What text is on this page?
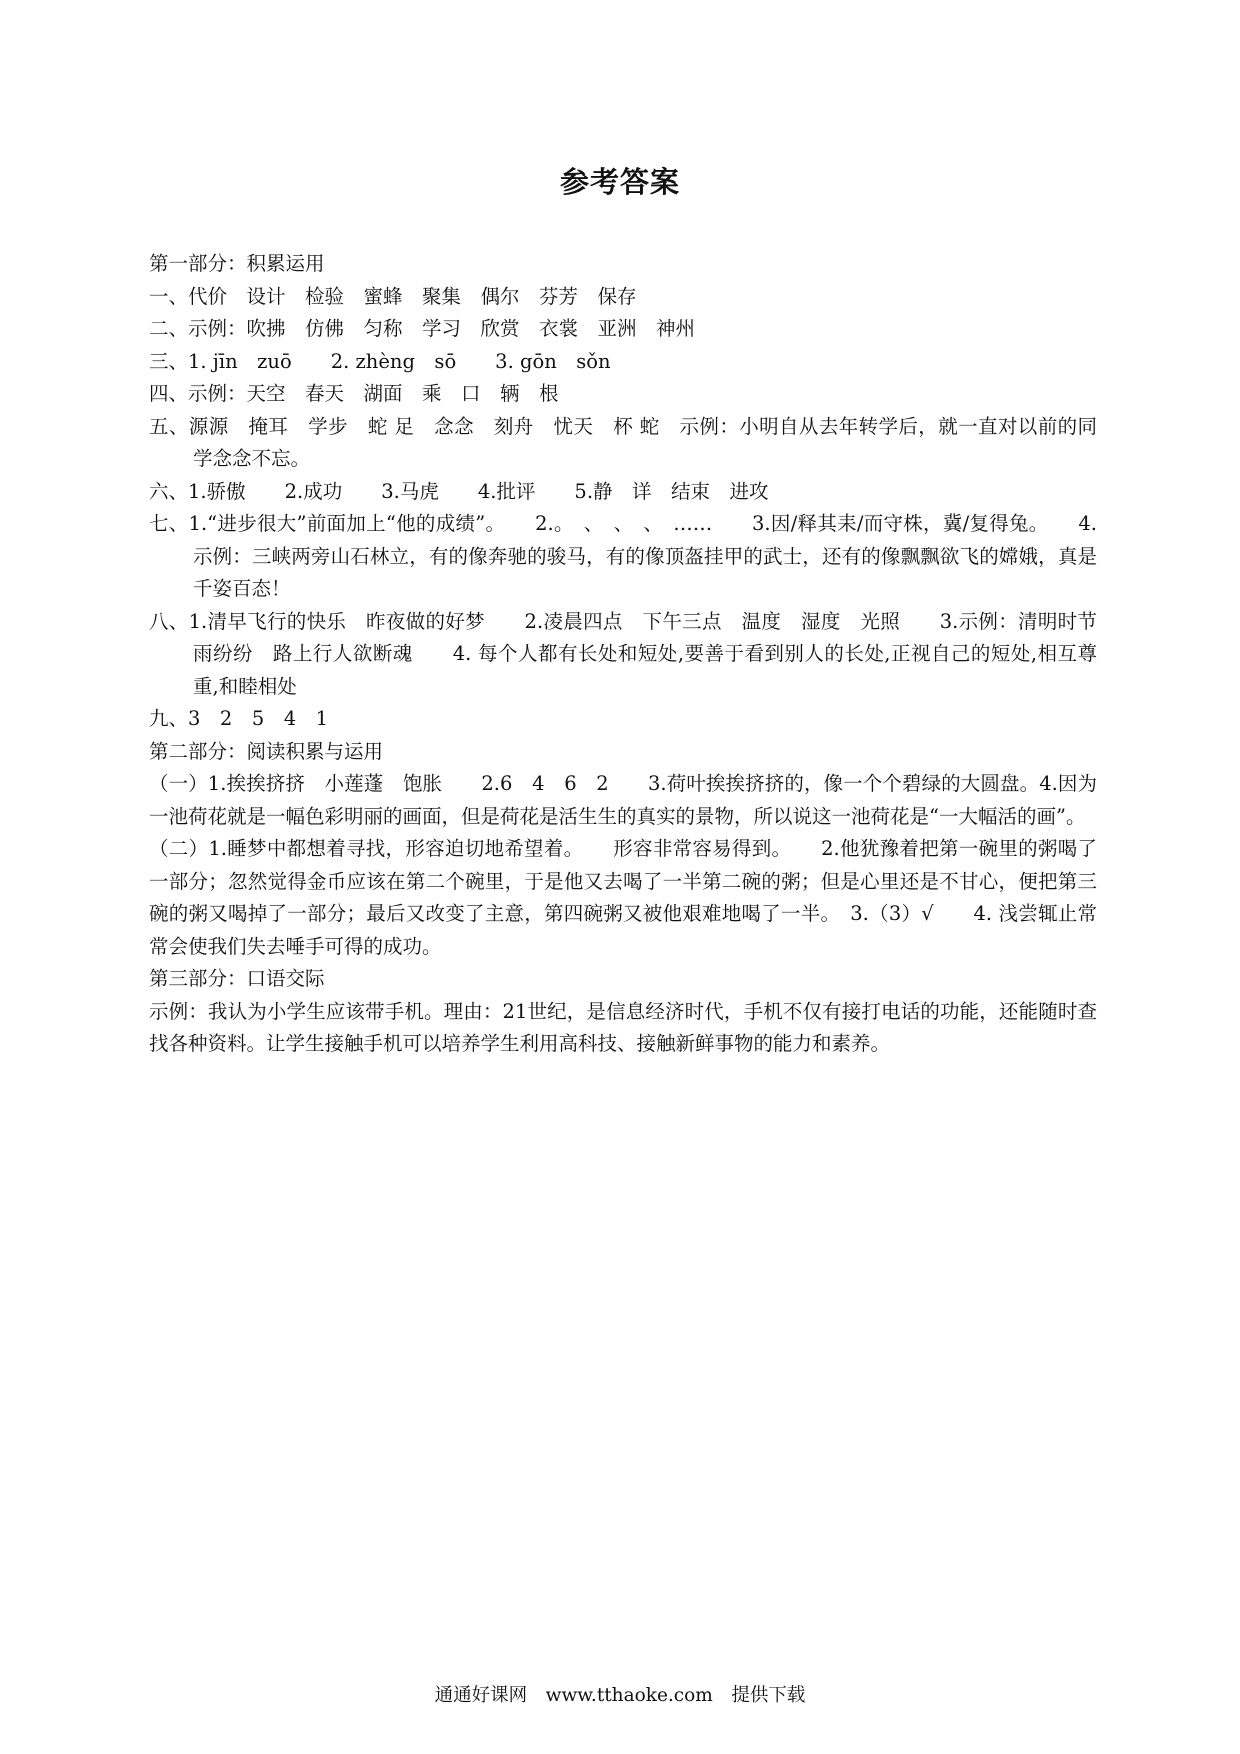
参考答案
第一部分：积累运用
一、代价　设计　检验　蜜蜂　聚集　偶尔　芬芳　保存
二、示例：吹拂　仿佛　匀称　学习　欣赏　衣裳　亚洲　神州
三、1. jīn　zuō　　2. zhèng　sō　　3. gōn　sǒn
四、示例：天空　春天　湖面　乘　口　辆　根
五、源源　掩耳　学步　蛇 足　念念　刻舟　忧天　杯 蛇　示例：小明自从去年转学后，就一直对以前的同学念念不忘。
六、1.骄傲　　2.成功　　3.马虎　　4.批评　　5.静　详　结束　进攻
七、1.“进步很大”前面加上“他的成绩”。　　2.。　、　、　、　……　　3.因/释其耒/而守株，冀/复得兔。　　4.示例：三峡两旁山石林立，有的像奔驰的骏马，有的像顶盔挂甲的武士，还有的像飘飘欲飞的嫦娥，真是千姿百态！
八、1.清早飞行的快乐　昨夜做的好梦　　2.凌晨四点　下午三点　温度　湿度　光照　　3.示例：清明时节雨纷纷　路上行人欲断魂　　4. 每个人都有长处和短处,要善于看到别人的长处,正视自己的短处,相互尊重,和睦相处
九、3　2　5　4　1
第二部分：阅读积累与运用
（一）1.挨挨挤挤　小莲蓬　饱胀　　2.6　4　6　2　　3.荷叶挨挨挤挤的，像一个个碧绿的大圆盘。4.因为一池荷花就是一幅色彩明丽的画面，但是荷花是活生生的真实的景物，所以说这一池荷花是“一大幅活的画”。
（二）1.睡梦中都想着寻找，形容迫切地希望着。　　形容非常容易得到。　　2.他犹豫着把第一碗里的粥喝了一部分；忽然觉得金币应该在第二个碗里，于是他又去喝了一半第二碗的粥；但是心里还是不甘心，便把第三碗的粥又喝掉了一部分；最后又改变了主意，第四碗粥又被他艰难地喝了一半。　3.（3）√　　4. 浅尝辄止常常会使我们失去唾手可得的成功。
第三部分：口语交际
示例：我认为小学生应该带手机。理由：21世纪，是信息经济时代，手机不仅有接打电话的功能，还能随时查找各种资料。让学生接触手机可以培养学生利用高科技、接触新鲜事物的能力和素养。
通通好课网　www.tthaoke.com　提供下载
